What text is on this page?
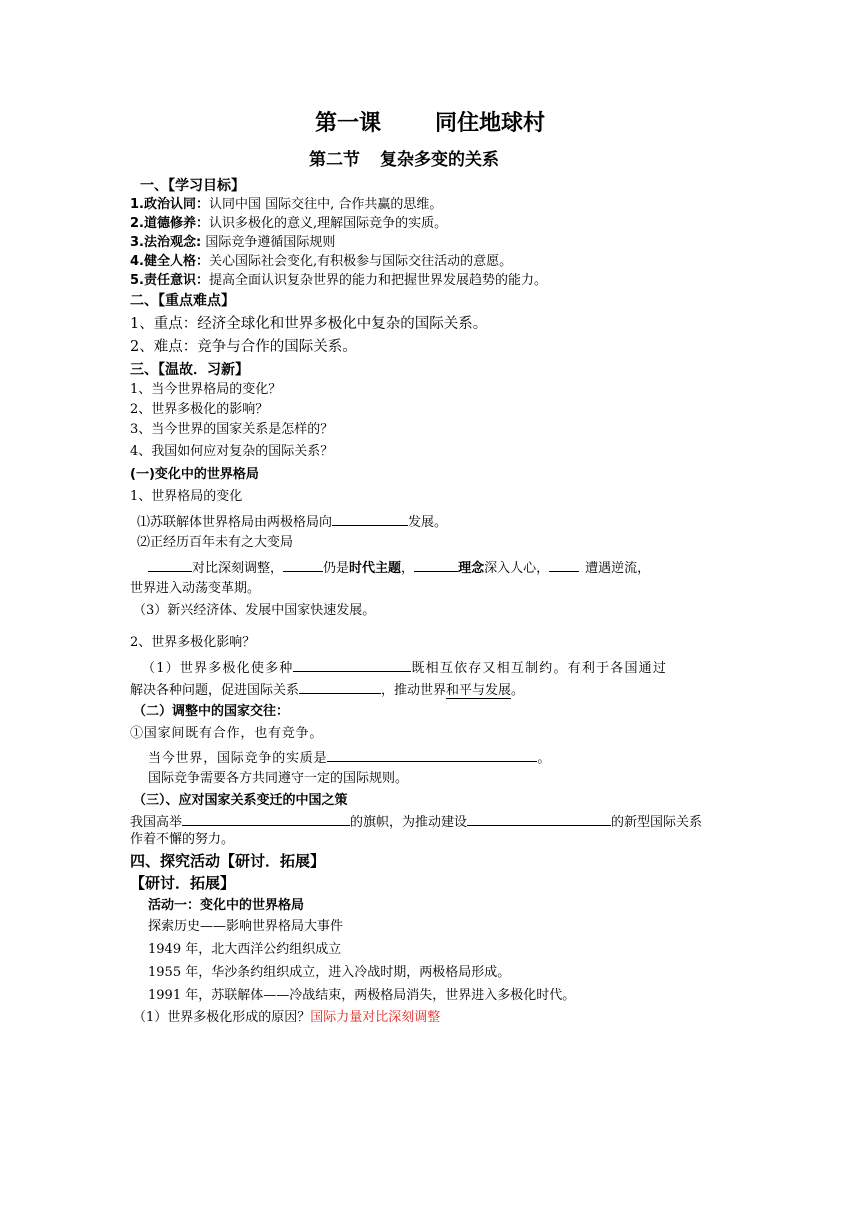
第一课 同住地球村
第二节 复杂多变的关系
一、【学习目标】
1.政治认同：认同中国 国际交往中, 合作共赢的思维。
2.道德修养：认识多极化的意义,理解国际竞争的实质。
3.法治观念: 国际竞争遵循国际规则
4.健全人格：关心国际社会变化,有积极参与国际交往活动的意愿。
5.责任意识：提高全面认识复杂世界的能力和把握世界发展趋势的能力。
二、【重点难点】
1、重点：经济全球化和世界多极化中复杂的国际关系。
2、难点：竞争与合作的国际关系。
三、【温故．习新】
1、当今世界格局的变化？
2、世界多极化的影响？
3、当今世界的国家关系是怎样的？
4、我国如何应对复杂的国际关系？
(一)变化中的世界格局
1、世界格局的变化
⑴苏联解体世界格局由两极格局向	发展。
⑵正经历百年未有之大变局
对比深刻调整，	仍是时代主题，	理念深入人心，	遭遇逆流，
世界进入动荡变革期。
（3）新兴经济体、发展中国家快速发展。
2、世界多极化影响？
（1）世界多极化使多种	既相互依存又相互制约。有利于各国通过
解决各种问题，促进国际关系	，推动世界和平与发展。
（二）调整中的国家交往：
①国家间既有合作，也有竞争。
当今世界，国际竞争的实质是	。
国际竞争需要各方共同遵守一定的国际规则。
（三）、应对国家关系变迁的中国之策
我国高举	的旗帜，为推动建设	的新型国际关系
作着不懈的努力。
四、探究活动【研讨．拓展】
【研讨．拓展】
活动一：变化中的世界格局
探索历史——影响世界格局大事件
1949 年，北大西洋公约组织成立
1955 年，华沙条约组织成立，进入冷战时期，两极格局形成。
1991 年，苏联解体——冷战结束，两极格局消失，世界进入多极化时代。
（1）世界多极化形成的原因？国际力量对比深刻调整
